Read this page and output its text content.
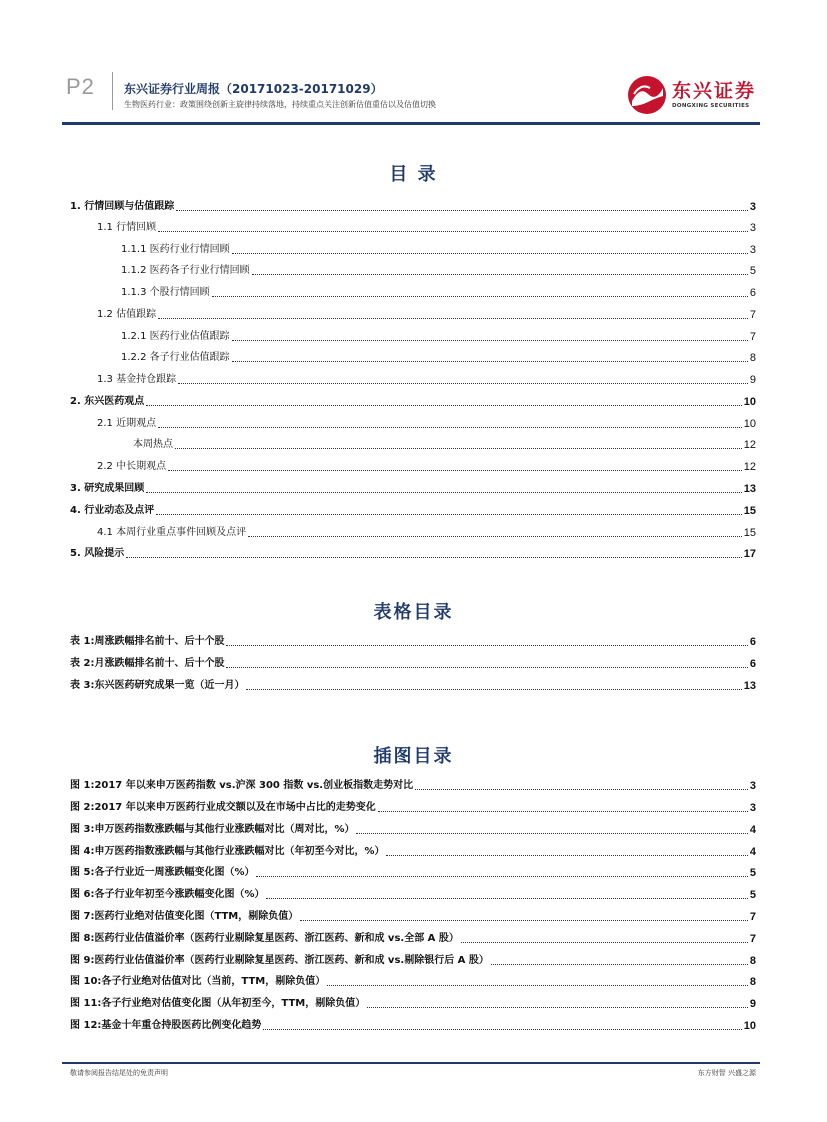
P2 东兴证券行业周报（20171023-20171029）
生物医药行业：政策围绕创新主旋律持续落地，持续重点关注创新估值重估以及估值切换
东兴证券
DONGXING SECURITIES
目 录
1. 行情回顾与估值跟踪	3
1.1 行情回顾	3
1.1.1 医药行业行情回顾	3
1.1.2 医药各子行业行情回顾	5
1.1.3 个股行情回顾	6
1.2 估值跟踪	7
1.2.1 医药行业估值跟踪	7
1.2.2 各子行业估值跟踪	8
1.3 基金持仓跟踪	9
2. 东兴医药观点	10
2.1 近期观点	10
本周热点	12
2.2 中长期观点	12
3. 研究成果回顾	13
4. 行业动态及点评	15
4.1 本周行业重点事件回顾及点评	15
5. 风险提示	17
表格目录
表 1:周涨跌幅排名前十、后十个股	6
表 2:月涨跌幅排名前十、后十个股	6
表 3:东兴医药研究成果一览（近一月）	13
插图目录
图 1:2017 年以来申万医药指数 vs.沪深 300 指数 vs.创业板指数走势对比	3
图 2:2017 年以来申万医药行业成交额以及在市场中占比的走势变化	3
图 3:申万医药指数涨跌幅与其他行业涨跌幅对比（周对比，%）	4
图 4:申万医药指数涨跌幅与其他行业涨跌幅对比（年初至今对比，%）	4
图 5:各子行业近一周涨跌幅变化图（%）	5
图 6:各子行业年初至今涨跌幅变化图（%）	5
图 7:医药行业绝对估值变化图（TTM，剔除负值）	7
图 8:医药行业估值溢价率（医药行业剔除复星医药、浙江医药、新和成 vs.全部 A 股）	7
图 9:医药行业估值溢价率（医药行业剔除复星医药、浙江医药、新和成 vs.剔除银行后 A 股）	8
图 10:各子行业绝对估值对比（当前，TTM，剔除负值）	8
图 11:各子行业绝对估值变化图（从年初至今，TTM，剔除负值）	9
图 12:基金十年重仓持股医药比例变化趋势	10
敬请参阅报告结尾处的免责声明	东方财智 兴盛之源
